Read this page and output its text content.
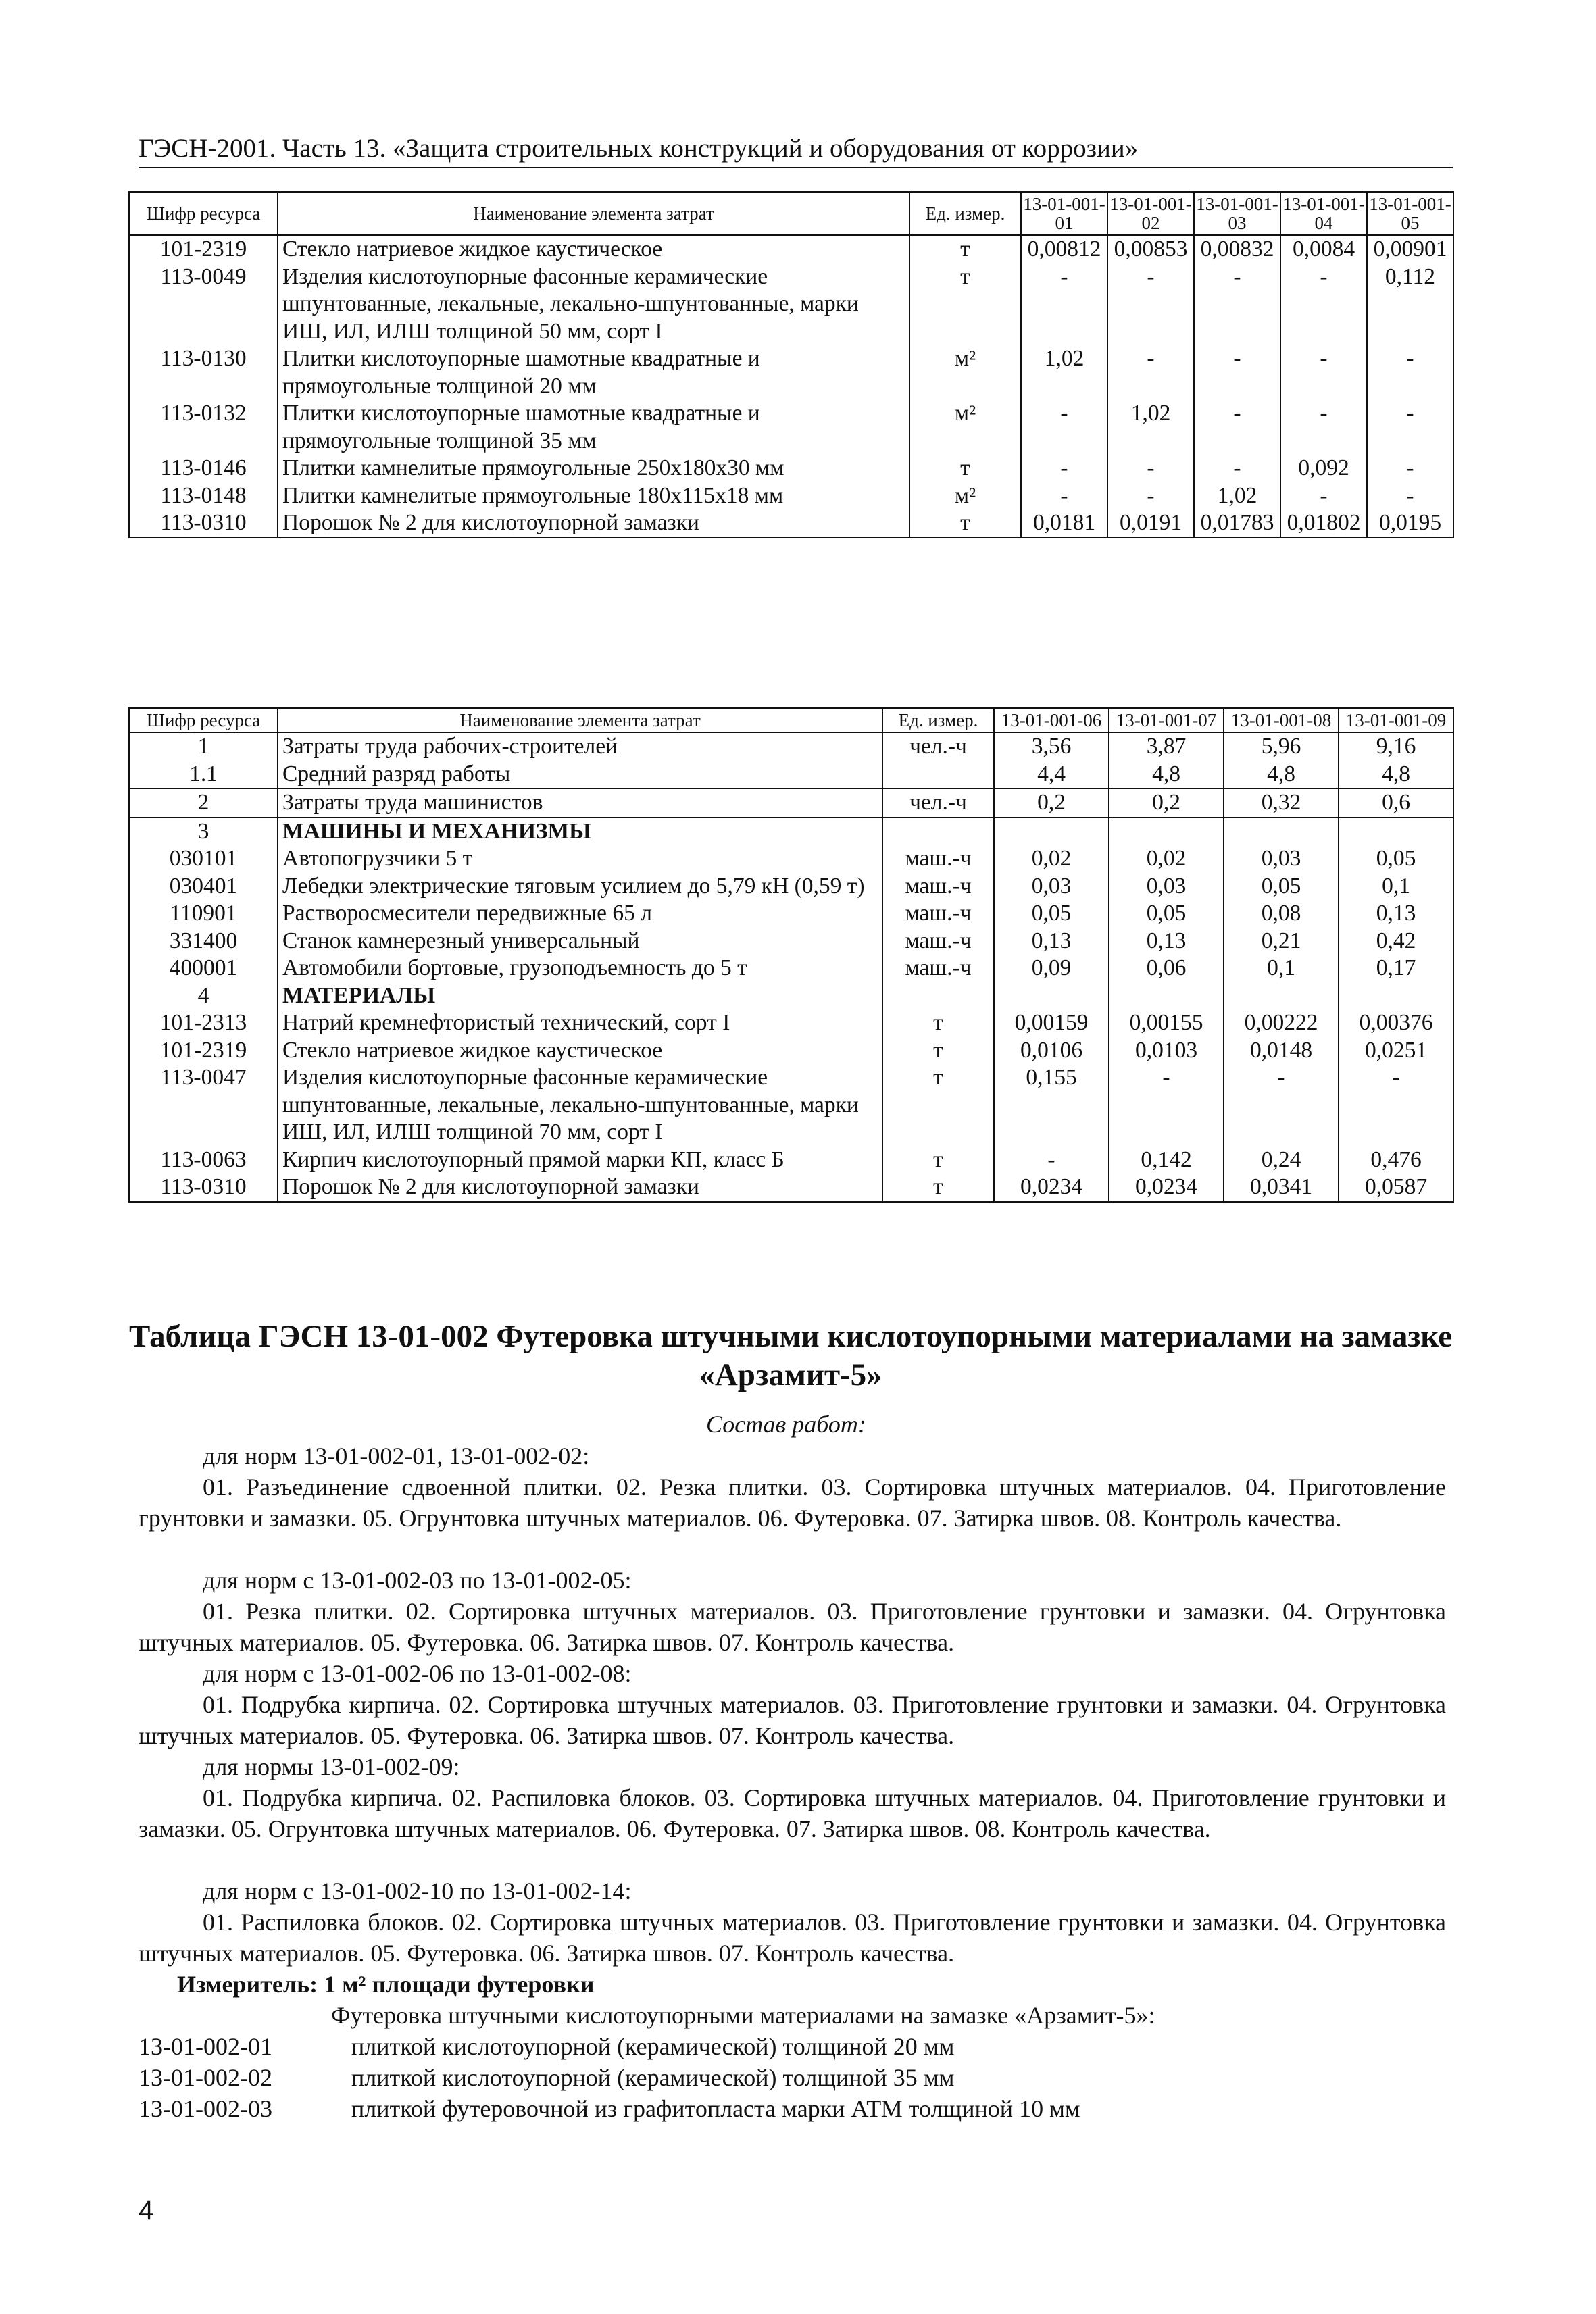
ГЭСН-2001. Часть 13. «Защита строительных конструкций и оборудования от коррозии»
Шифр ресурса	Наименование элемента затрат	Ед. измер.	13-01-001-01	13-01-001-02	13-01-001-03	13-01-001-04	13-01-001-05
101-2319	Стекло натриевое жидкое каустическое	т	0,00812	0,00853	0,00832	0,0084	0,00901
113-0049	Изделия кислотоупорные фасонные керамические шпунтованные, лекальные, лекально-шпунтованные, марки ИШ, ИЛ, ИЛШ толщиной 50 мм, сорт I	т	-	-	-	-	0,112
113-0130	Плитки кислотоупорные шамотные квадратные и прямоугольные толщиной 20 мм	м²	1,02	-	-	-	-
113-0132	Плитки кислотоупорные шамотные квадратные и прямоугольные толщиной 35 мм	м²	-	1,02	-	-	-
113-0146	Плитки камнелитые прямоугольные 250x180x30 мм	т	-	-	-	0,092	-
113-0148	Плитки камнелитые прямоугольные 180x115x18 мм	м²	-	-	1,02	-	-
113-0310	Порошок № 2 для кислотоупорной замазки	т	0,0181	0,0191	0,01783	0,01802	0,0195
Шифр ресурса	Наименование элемента затрат	Ед. измер.	13-01-001-06	13-01-001-07	13-01-001-08	13-01-001-09
1	Затраты труда рабочих-строителей	чел.-ч	3,56	3,87	5,96	9,16
1.1	Средний разряд работы		4,4	4,8	4,8	4,8
2	Затраты труда машинистов	чел.-ч	0,2	0,2	0,32	0,6
3	МАШИНЫ И МЕХАНИЗМЫ					
030101	Автопогрузчики 5 т	маш.-ч	0,02	0,02	0,03	0,05
030401	Лебедки электрические тяговым усилием до 5,79 кН (0,59 т)	маш.-ч	0,03	0,03	0,05	0,1
110901	Растворосмесители передвижные 65 л	маш.-ч	0,05	0,05	0,08	0,13
331400	Станок камнерезный универсальный	маш.-ч	0,13	0,13	0,21	0,42
400001	Автомобили бортовые, грузоподъемность до 5 т	маш.-ч	0,09	0,06	0,1	0,17
4	МАТЕРИАЛЫ					
101-2313	Натрий кремнефтористый технический, сорт I	т	0,00159	0,00155	0,00222	0,00376
101-2319	Стекло натриевое жидкое каустическое	т	0,0106	0,0103	0,0148	0,0251
113-0047	Изделия кислотоупорные фасонные керамические шпунтованные, лекальные, лекально-шпунтованные, марки ИШ, ИЛ, ИЛШ толщиной 70 мм, сорт I	т	0,155	-	-	-
113-0063	Кирпич кислотоупорный прямой марки КП, класс Б	т	-	0,142	0,24	0,476
113-0310	Порошок № 2 для кислотоупорной замазки	т	0,0234	0,0234	0,0341	0,0587
Таблица ГЭСН 13-01-002 Футеровка штучными кислотоупорными материалами на замазке «Арзамит-5»
Состав работ:
для норм 13-01-002-01, 13-01-002-02:
01. Разъединение сдвоенной плитки. 02. Резка плитки. 03. Сортировка штучных материалов. 04. Приготовление грунтовки и замазки. 05. Огрунтовка штучных материалов. 06. Футеровка. 07. Затирка швов. 08. Контроль качества.
для норм с 13-01-002-03 по 13-01-002-05:
01. Резка плитки. 02. Сортировка штучных материалов. 03. Приготовление грунтовки и замазки. 04. Огрунтовка штучных материалов. 05. Футеровка. 06. Затирка швов. 07. Контроль качества.
для норм с 13-01-002-06 по 13-01-002-08:
01. Подрубка кирпича. 02. Сортировка штучных материалов. 03. Приготовление грунтовки и замазки. 04. Огрунтовка штучных материалов. 05. Футеровка. 06. Затирка швов. 07. Контроль качества.
для нормы 13-01-002-09:
01. Подрубка кирпича. 02. Распиловка блоков. 03. Сортировка штучных материалов. 04. Приготовление грунтовки и замазки. 05. Огрунтовка штучных материалов. 06. Футеровка. 07. Затирка швов. 08. Контроль качества.
для норм с 13-01-002-10 по 13-01-002-14:
01. Распиловка блоков. 02. Сортировка штучных материалов. 03. Приготовление грунтовки и замазки. 04. Огрунтовка штучных материалов. 05. Футеровка. 06. Затирка швов. 07. Контроль качества.
Измеритель: 1 м² площади футеровки
Футеровка штучными кислотоупорными материалами на замазке «Арзамит-5»:
13-01-002-01	плиткой кислотоупорной (керамической) толщиной 20 мм
13-01-002-02	плиткой кислотоупорной (керамической) толщиной 35 мм
13-01-002-03	плиткой футеровочной из графитопласта марки АТМ толщиной 10 мм
4
